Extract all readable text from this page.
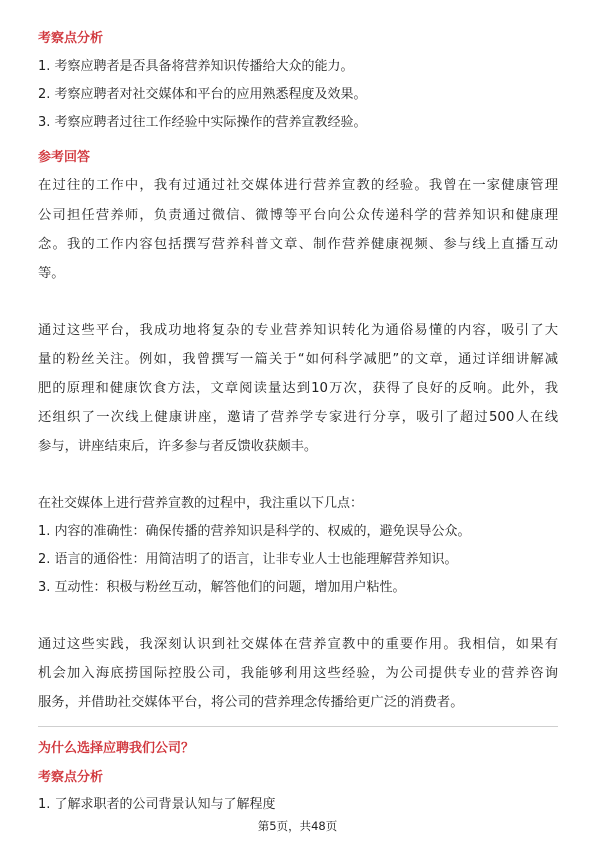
考察点分析
1. 考察应聘者是否具备将营养知识传播给大众的能力。
2. 考察应聘者对社交媒体和平台的应用熟悉程度及效果。
3. 考察应聘者过往工作经验中实际操作的营养宣教经验。
参考回答
在过往的工作中，我有过通过社交媒体进行营养宣教的经验。我曾在一家健康管理
公司担任营养师，负责通过微信、微博等平台向公众传递科学的营养知识和健康理
念。我的工作内容包括撰写营养科普文章、制作营养健康视频、参与线上直播互动
等。
通过这些平台，我成功地将复杂的专业营养知识转化为通俗易懂的内容，吸引了大
量的粉丝关注。例如，我曾撰写一篇关于“如何科学减肥”的文章，通过详细讲解减
肥的原理和健康饮食方法，文章阅读量达到10万次，获得了良好的反响。此外，我
还组织了一次线上健康讲座，邀请了营养学专家进行分享，吸引了超过500人在线
参与，讲座结束后，许多参与者反馈收获颇丰。
在社交媒体上进行营养宣教的过程中，我注重以下几点：
1. 内容的准确性：确保传播的营养知识是科学的、权威的，避免误导公众。
2. 语言的通俗性：用简洁明了的语言，让非专业人士也能理解营养知识。
3. 互动性：积极与粉丝互动，解答他们的问题，增加用户粘性。
通过这些实践，我深刻认识到社交媒体在营养宣教中的重要作用。我相信，如果有
机会加入海底捞国际控股公司，我能够利用这些经验，为公司提供专业的营养咨询
服务，并借助社交媒体平台，将公司的营养理念传播给更广泛的消费者。
为什么选择应聘我们公司？
考察点分析
1. 了解求职者的公司背景认知与了解程度
第5页，共48页
